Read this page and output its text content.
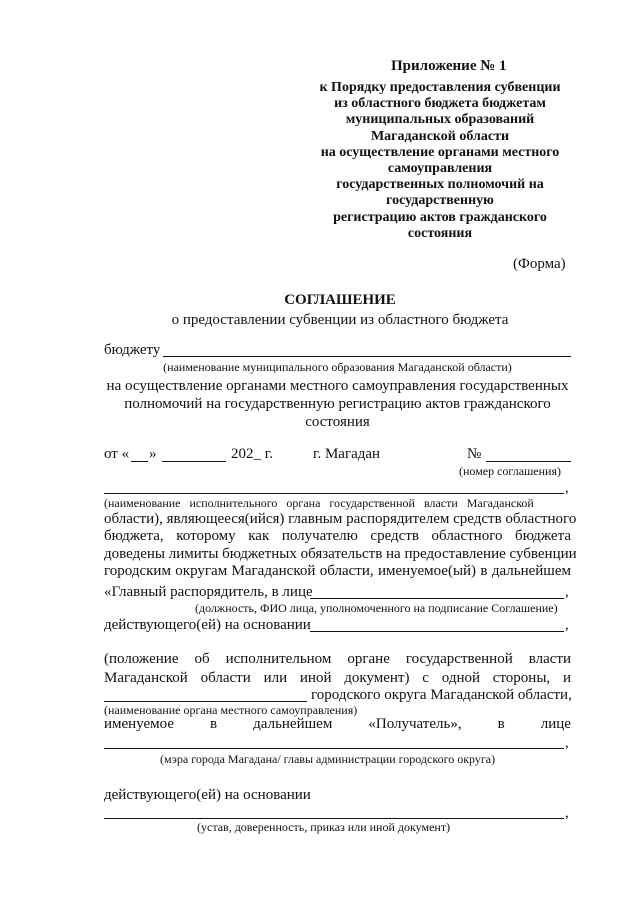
Приложение № 1
к Порядку предоставления субвенции
из областного бюджета бюджетам
муниципальных образований
Магаданской области
на осуществление органами местного
самоуправления
государственных полномочий на
государственную
регистрацию актов гражданского
состояния
(Форма)
СОГЛАШЕНИЕ
о предоставлении субвенции из областного бюджета
бюджету
(наименование муниципального образования Магаданской области)
на осуществление органами местного самоуправления государственных
полномочий на государственную регистрацию актов гражданского
состояния
от « »	202_ г.	г. Магадан	№
(номер соглашения)
,
(наименование   исполнительного   органа   государственной   власти   Магаданской
области), являющееся(ийся) главным распорядителем средств областного
бюджета, которому как получателю средств областного бюджета
доведены лимиты бюджетных обязательств на предоставление субвенции
городским округам Магаданской области, именуемое(ый) в дальнейшем
«Главный распорядитель, в лице	,
(должность, ФИО лица, уполномоченного на подписание Соглашение)
действующего(ей) на основании	,
(положение об исполнительном органе государственной власти
Магаданской области или иной документ) с одной стороны, и
городского округа Магаданской области,
(наименование органа местного самоуправления)
именуемое в дальнейшем «Получатель», в лице
,
(мэра города Магадана/ главы администрации городского округа)
действующего(ей) на основании
,
(устав, доверенность, приказ или иной документ)
